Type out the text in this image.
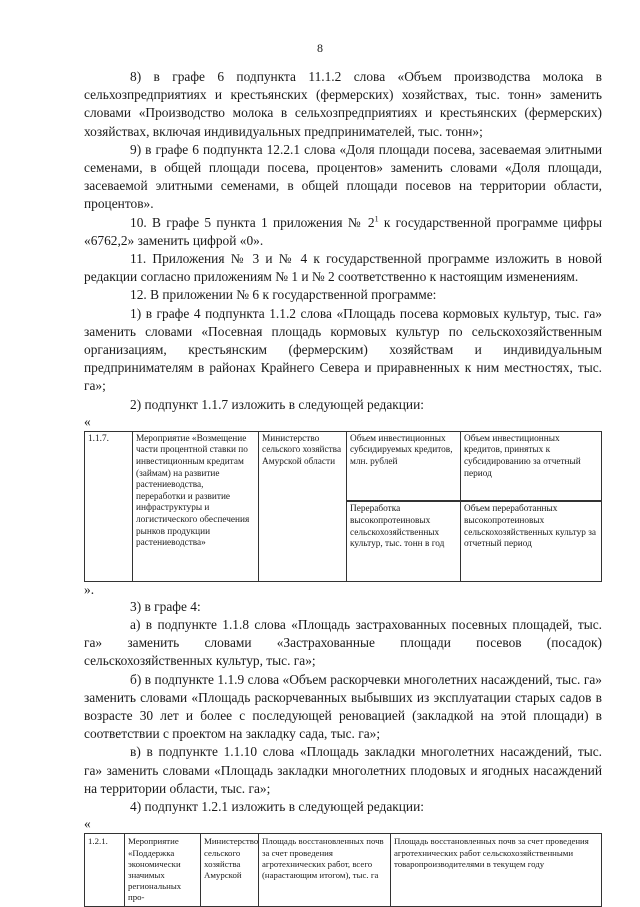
8

8) в графе 6 подпункта 11.1.2 слова «Объем производства молока в сельхозпредприятиях и крестьянских (фермерских) хозяйствах, тыс. тонн» заменить словами «Производство молока в сельхозпредприятиях и крестьянских (фермерских) хозяйствах, включая индивидуальных предпринимателей, тыс. тонн»;

9) в графе 6 подпункта 12.2.1 слова «Доля площади посева, засеваемая элитными семенами, в общей площади посева, процентов» заменить словами «Доля площади, засеваемой элитными семенами, в общей площади посевов на территории области, процентов».

10. В графе 5 пункта 1 приложения № $2^1$ к государственной программе цифры «6762,2» заменить цифрой «0».

11. Приложения № 3 и № 4 к государственной программе изложить в новой редакции согласно приложениям № 1 и № 2 соответственно к настоящим изменениям.

12. В приложении № 6 к государственной программе:

1) в графе 4 подпункта 1.1.2 слова «Площадь посева кормовых культур, тыс. га» заменить словами «Посевная площадь кормовых культур по сельскохозяйственным организациям, крестьянским (фермерским) хозяйствам и индивидуальным предпринимателям в районах Крайнего Севера и приравненных к ним местностях, тыс. га»;

2) подпункт 1.1.7 изложить в следующей редакции:

«

1.1.7.	Мероприятие «Возмещение части процентной ставки по инвестиционным кредитам (займам) на развитие растениеводства, переработки и развитие инфраструктуры и логистического обеспечения рынков продукции растениеводства»	Министерство сельского хозяйства Амурской области	Объем инвестиционных субсидируемых кредитов, млн. рублей	Объем инвестиционных кредитов, принятых к субсидированию за отчетный период
			Переработка высокопротеиновых сельскохозяйственных культур, тыс. тонн в год	Объем переработанных высокопротеиновых сельскохозяйственных культур за отчетный период

».

3) в графе 4:

а) в подпункте 1.1.8 слова «Площадь застрахованных посевных площадей, тыс. га» заменить словами «Застрахованные площади посевов (посадок) сельскохозяйственных культур, тыс. га»;

б) в подпункте 1.1.9 слова «Объем раскорчевки многолетних насаждений, тыс. га» заменить словами «Площадь раскорчеванных выбывших из эксплуатации старых садов в возрасте 30 лет и более с последующей реновацией (закладкой на этой площади) в соответствии с проектом на закладку сада, тыс. га»;

в) в подпункте 1.1.10 слова «Площадь закладки многолетних насаждений, тыс. га» заменить словами «Площадь закладки многолетних плодовых и ягодных насаждений на территории области, тыс. га»;

4) подпункт 1.2.1 изложить в следующей редакции:

«

1.2.1.	Мероприятие «Поддержка экономически значимых региональных про-	Министерство сельского хозяйства Амурской	Площадь восстановленных почв за счет проведения агротехнических работ, всего (нарастающим итогом), тыс. га	Площадь восстановленных почв за счет проведения агротехнических работ сельскохозяйственными товаропроизводителями в текущем году
